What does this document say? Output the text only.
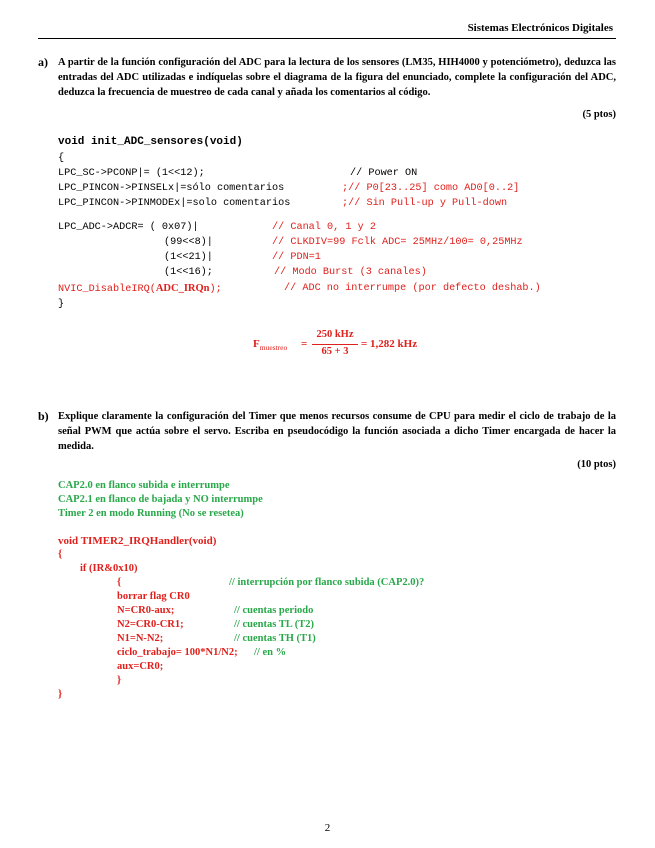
Sistemas Electrónicos Digitales
a) A partir de la función configuración del ADC para la lectura de los sensores (LM35, HIH4000 y potenciómetro), deduzca las entradas del ADC utilizadas e indíquelas sobre el diagrama de la figura del enunciado, complete la configuración del ADC, deduzca la frecuencia de muestreo de cada canal y añada los comentarios al código.
(5 ptos)
void init_ADC_sensores(void)
{
LPC_SC->PCONP|= (1<<12);	// Power ON
LPC_PINCON->PINSELx|=sólo comentarios	;// P0[23..25] como AD0[0..2]
LPC_PINCON->PINMODEx|=solo comentarios	;// Sin Pull-up y Pull-down
LPC_ADC->ADCR= ( 0x07)|	// Canal 0, 1 y 2
(99<<8)|	// CLKDIV=99 Fclk ADC= 25MHz/100= 0,25MHz
(1<<21)|	// PDN=1
(1<<16);	// Modo Burst (3 canales)
NVIC_DisableIRQ(ADC_IRQn);	// ADC no interrumpe (por defecto deshab.)
}
$F_{muestreo}$ =
250 kHz
65 + 3
= 1,282 kHz
b) Explique claramente la configuración del Timer que menos recursos consume de CPU para medir el ciclo de trabajo de la señal PWM que actúa sobre el servo. Escriba en pseudocódigo la función asociada a dicho Timer encargada de hacer la medida.
(10 ptos)
CAP2.0 en flanco subida e interrumpe
CAP2.1 en flanco de bajada y NO interrumpe
Timer 2 en modo Running (No se resetea)
void TIMER2_IRQHandler(void)
{
if (IR&0x10)
{	// interrupción por flanco subida (CAP2.0)?
borrar flag CR0
N=CR0-aux;	// cuentas periodo
N2=CR0-CR1;	// cuentas TL (T2)
N1=N-N2;	// cuentas TH (T1)
ciclo_trabajo= 100*N1/N2; // en %
aux=CR0;
}
}
2
